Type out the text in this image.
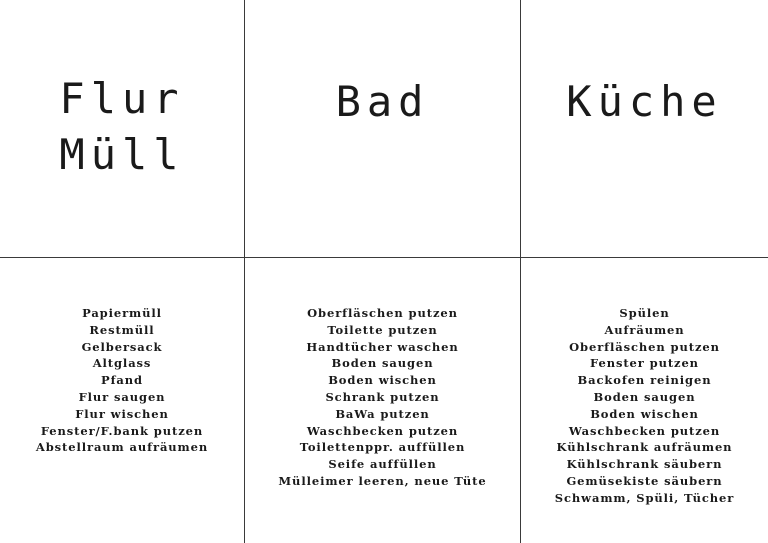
Flur
Müll
Bad	Küche
Papiermüll
Restmüll
Gelbersack
Altglass
Pfand
Flur saugen
Flur wischen
Fenster/F.bank putzen
Abstellraum aufräumen
Oberfläschen putzen
Toilette putzen
Handtücher waschen
Boden saugen
Boden wischen
Schrank putzen
BaWa putzen
Waschbecken putzen
Toilettenppr. auffüllen
Seife auffüllen
Mülleimer leeren, neue Tüte
Spülen
Aufräumen
Oberfläschen putzen
Fenster putzen
Backofen reinigen
Boden saugen
Boden wischen
Waschbecken putzen
Kühlschrank aufräumen
Kühlschrank säubern
Gemüsekiste säubern
Schwamm, Spüli, Tücher
